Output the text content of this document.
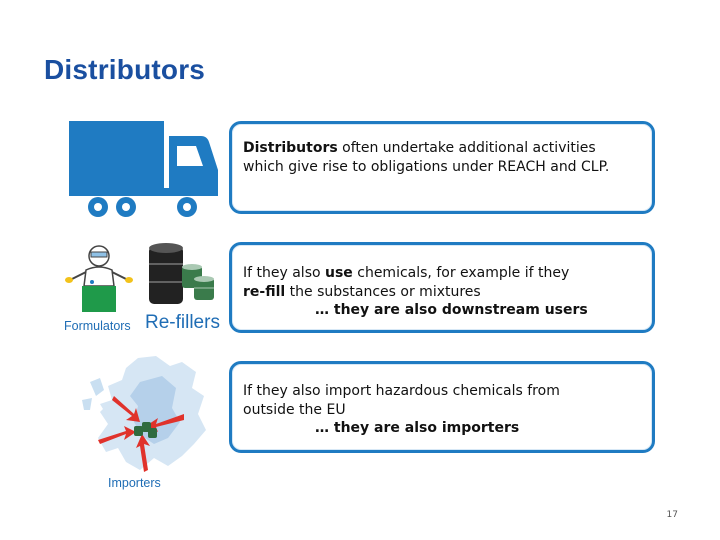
Distributors
Formulators Re-fillers
Importers
Distributors often undertake additional activities
which give rise to obligations under REACH and CLP.
If they also use chemicals, for example if they
re-fill the substances or mixtures

… they are also downstream users
If they also import hazardous chemicals from
outside the EU

… they are also importers
17
